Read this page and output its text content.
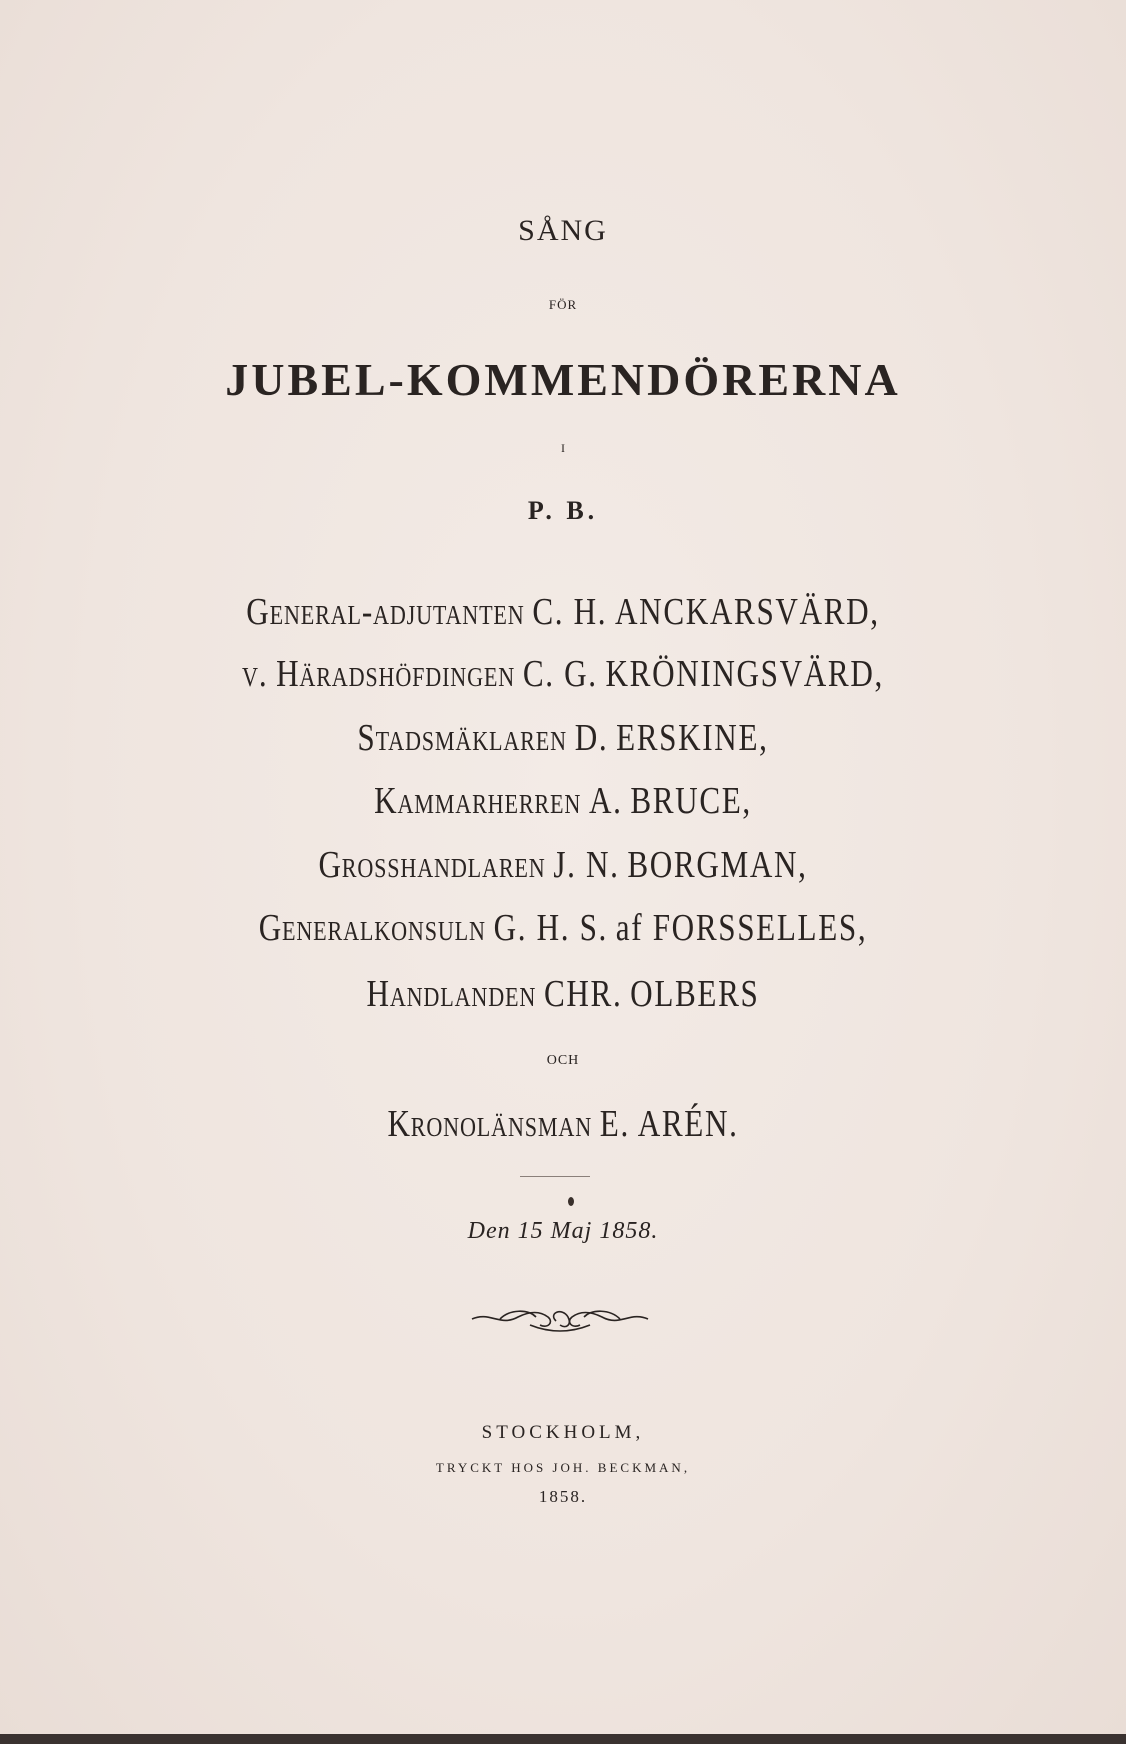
SÅNG
FÖR
JUBEL-KOMMENDÖRERNA
I
P. B.
General-adjutanten C. H. ANCKARSVÄRD,
v. Häradshöfdingen C. G. KRÖNINGSVÄRD,
Stadsmäklaren D. ERSKINE,
Kammarherren A. BRUCE,
Grosshandlaren J. N. BORGMAN,
Generalkonsuln G. H. S. af FORSSELLES,
Handlanden CHR. OLBERS
OCH
Kronolänsman E. ARÉN.
Den 15 Maj 1858.
STOCKHOLM,
TRYCKT HOS JOH. BECKMAN,
1858.
